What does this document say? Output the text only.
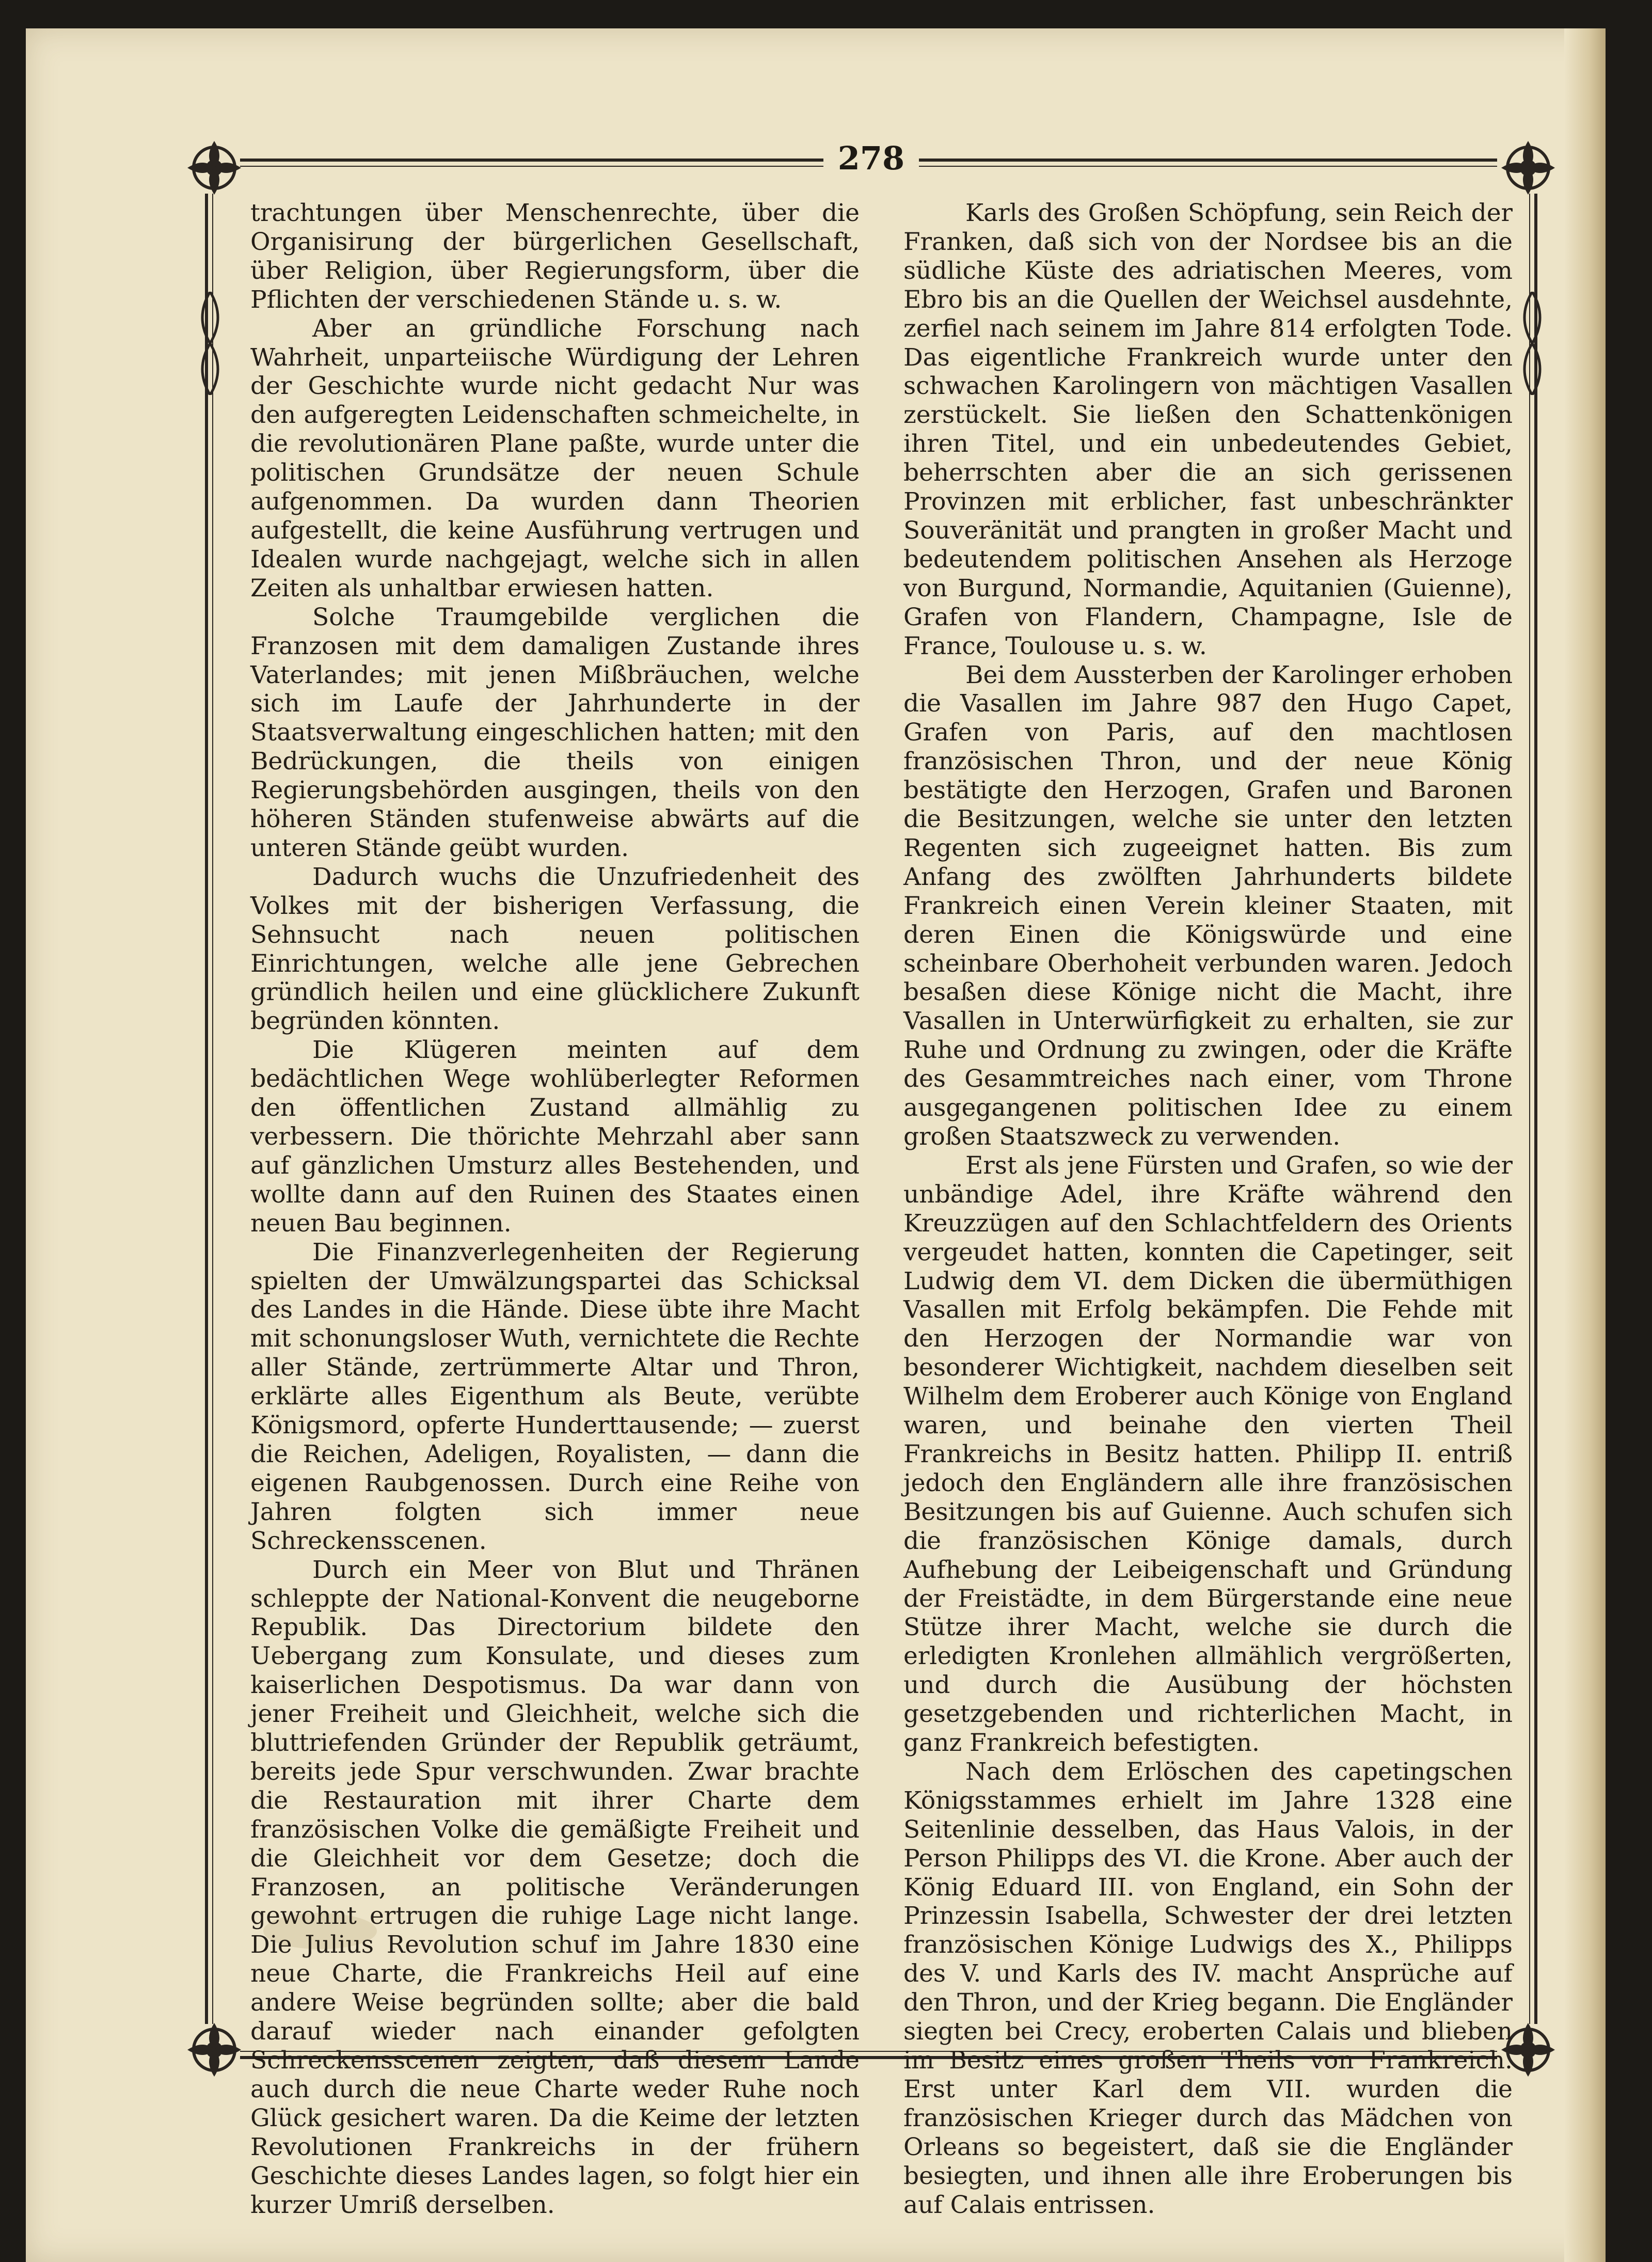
278

trachtungen über Menschenrechte, über die Organisirung der bürgerlichen Gesellschaft, über Religion, über Regierungsform, über die Pflichten der verschiedenen Stände u. s. w.

Aber an gründliche Forschung nach Wahrheit, unparteiische Würdigung der Lehren der Geschichte wurde nicht gedacht Nur was den aufgeregten Leidenschaften schmeichelte, in die revolutionären Plane paßte, wurde unter die politischen Grundsätze der neuen Schule aufgenommen. Da wurden dann Theorien aufgestellt, die keine Ausführung vertrugen und Idealen wurde nachgejagt, welche sich in allen Zeiten als unhaltbar erwiesen hatten.

Solche Traumgebilde verglichen die Franzosen mit dem damaligen Zustande ihres Vaterlandes; mit jenen Mißbräuchen, welche sich im Laufe der Jahrhunderte in der Staatsverwaltung eingeschlichen hatten; mit den Bedrückungen, die theils von einigen Regierungsbehörden ausgingen, theils von den höheren Ständen stufenweise abwärts auf die unteren Stände geübt wurden.

Dadurch wuchs die Unzufriedenheit des Volkes mit der bisherigen Verfassung, die Sehnsucht nach neuen politischen Einrichtungen, welche alle jene Gebrechen gründlich heilen und eine glücklichere Zukunft begründen könnten.

Die Klügeren meinten auf dem bedächtlichen Wege wohlüberlegter Reformen den öffentlichen Zustand allmählig zu verbessern. Die thörichte Mehrzahl aber sann auf gänzlichen Umsturz alles Bestehenden, und wollte dann auf den Ruinen des Staates einen neuen Bau beginnen.

Die Finanzverlegenheiten der Regierung spielten der Umwälzungspartei das Schicksal des Landes in die Hände. Diese übte ihre Macht mit schonungsloser Wuth, vernichtete die Rechte aller Stände, zertrümmerte Altar und Thron, erklärte alles Eigenthum als Beute, verübte Königsmord, opferte Hunderttausende; — zuerst die Reichen, Adeligen, Royalisten, — dann die eigenen Raubgenossen. Durch eine Reihe von Jahren folgten sich immer neue Schreckensscenen.

Durch ein Meer von Blut und Thränen schleppte der National-Konvent die neugeborne Republik. Das Directorium bildete den Uebergang zum Konsulate, und dieses zum kaiserlichen Despotismus. Da war dann von jener Freiheit und Gleichheit, welche sich die bluttriefenden Gründer der Republik geträumt, bereits jede Spur verschwunden. Zwar brachte die Restauration mit ihrer Charte dem französischen Volke die gemäßigte Freiheit und die Gleichheit vor dem Gesetze; doch die Franzosen, an politische Veränderungen gewohnt ertrugen die ruhige Lage nicht lange. Die Julius Revolution schuf im Jahre 1830 eine neue Charte, die Frankreichs Heil auf eine andere Weise begründen sollte; aber die bald darauf wieder nach einander gefolgten Schreckensscenen zeigten, daß diesem Lande auch durch die neue Charte weder Ruhe noch Glück gesichert waren. Da die Keime der letzten Revolutionen Frankreichs in der frühern Geschichte dieses Landes lagen, so folgt hier ein kurzer Umriß derselben.

Karls des Großen Schöpfung, sein Reich der Franken, daß sich von der Nordsee bis an die südliche Küste des adriatischen Meeres, vom Ebro bis an die Quellen der Weichsel ausdehnte, zerfiel nach seinem im Jahre 814 erfolgten Tode. Das eigentliche Frankreich wurde unter den schwachen Karolingern von mächtigen Vasallen zerstückelt. Sie ließen den Schattenkönigen ihren Titel, und ein unbedeutendes Gebiet, beherrschten aber die an sich gerissenen Provinzen mit erblicher, fast unbeschränkter Souveränität und prangten in großer Macht und bedeutendem politischen Ansehen als Herzoge von Burgund, Normandie, Aquitanien (Guienne), Grafen von Flandern, Champagne, Isle de France, Toulouse u. s. w.

Bei dem Aussterben der Karolinger erhoben die Vasallen im Jahre 987 den Hugo Capet, Grafen von Paris, auf den machtlosen französischen Thron, und der neue König bestätigte den Herzogen, Grafen und Baronen die Besitzungen, welche sie unter den letzten Regenten sich zugeeignet hatten. Bis zum Anfang des zwölften Jahrhunderts bildete Frankreich einen Verein kleiner Staaten, mit deren Einen die Königswürde und eine scheinbare Oberhoheit verbunden waren. Jedoch besaßen diese Könige nicht die Macht, ihre Vasallen in Unterwürfigkeit zu erhalten, sie zur Ruhe und Ordnung zu zwingen, oder die Kräfte des Gesammtreiches nach einer, vom Throne ausgegangenen politischen Idee zu einem großen Staatszweck zu verwenden.

Erst als jene Fürsten und Grafen, so wie der unbändige Adel, ihre Kräfte während den Kreuzzügen auf den Schlachtfeldern des Orients vergeudet hatten, konnten die Capetinger, seit Ludwig dem VI. dem Dicken die übermüthigen Vasallen mit Erfolg bekämpfen. Die Fehde mit den Herzogen der Normandie war von besonderer Wichtigkeit, nachdem dieselben seit Wilhelm dem Eroberer auch Könige von England waren, und beinahe den vierten Theil Frankreichs in Besitz hatten. Philipp II. entriß jedoch den Engländern alle ihre französischen Besitzungen bis auf Guienne. Auch schufen sich die französischen Könige damals, durch Aufhebung der Leibeigenschaft und Gründung der Freistädte, in dem Bürgerstande eine neue Stütze ihrer Macht, welche sie durch die erledigten Kronlehen allmählich vergrößerten, und durch die Ausübung der höchsten gesetzgebenden und richterlichen Macht, in ganz Frankreich befestigten.

Nach dem Erlöschen des capetingschen Königsstammes erhielt im Jahre 1328 eine Seitenlinie desselben, das Haus Valois, in der Person Philipps des VI. die Krone. Aber auch der König Eduard III. von England, ein Sohn der Prinzessin Isabella, Schwester der drei letzten französischen Könige Ludwigs des X., Philipps des V. und Karls des IV. macht Ansprüche auf den Thron, und der Krieg begann. Die Engländer siegten bei Crecy, eroberten Calais und blieben im Besitz eines großen Theils von Frankreich. Erst unter Karl dem VII. wurden die französischen Krieger durch das Mädchen von Orleans so begeistert, daß sie die Engländer besiegten, und ihnen alle ihre Eroberungen bis auf Calais entrissen.
